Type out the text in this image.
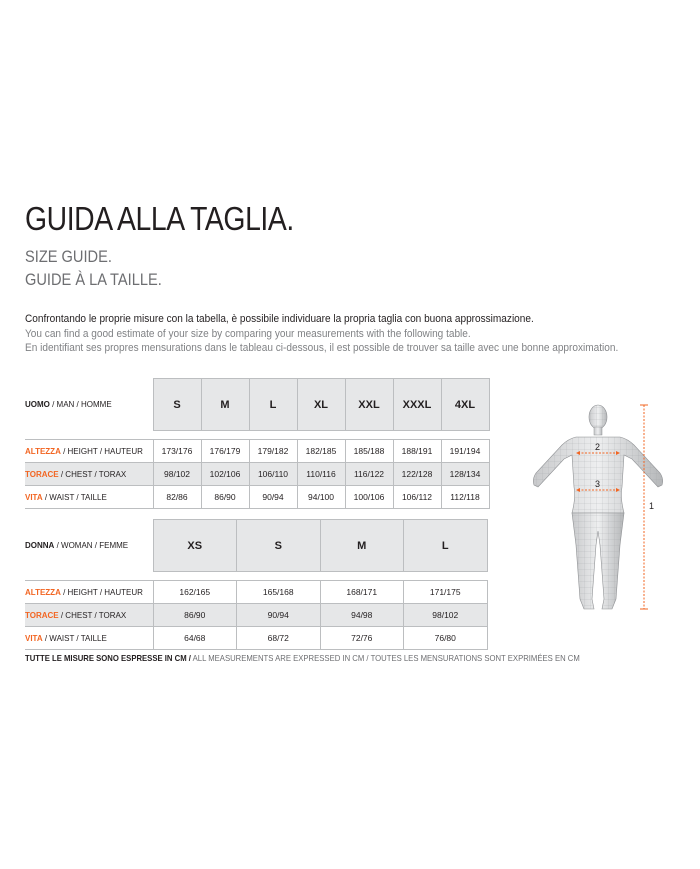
GUIDA ALLA TAGLIA.
SIZE GUIDE.
GUIDE À LA TAILLE.
Confrontando le proprie misure con la tabella, è possibile individuare la propria taglia con buona approssimazione.
You can find a good estimate of your size by comparing your measurements with the following table.
En identifiant ses propres mensurations dans le tableau ci-dessous, il est possible de trouver sa taille avec une bonne approximation.
UOMO / MAN / HOMME	S	M	L	XL	XXL	XXXL	4XL

ALTEZZA / HEIGHT / HAUTEUR	173/176	176/179	179/182	182/185	185/188	188/191	191/194
TORACE / CHEST / TORAX	98/102	102/106	106/110	110/116	116/122	122/128	128/134
VITA / WAIST / TAILLE	82/86	86/90	90/94	94/100	100/106	106/112	112/118
DONNA / WOMAN / FEMME	XS	S	M	L

ALTEZZA / HEIGHT / HAUTEUR	162/165	165/168	168/171	171/175
TORACE / CHEST / TORAX	86/90	90/94	94/98	98/102
VITA / WAIST / TAILLE	64/68	68/72	72/76	76/80
TUTTE LE MISURE SONO ESPRESSE IN CM / ALL MEASUREMENTS ARE EXPRESSED IN CM / TOUTES LES MENSURATIONS SONT EXPRIMÉES EN CM
2
3
1
